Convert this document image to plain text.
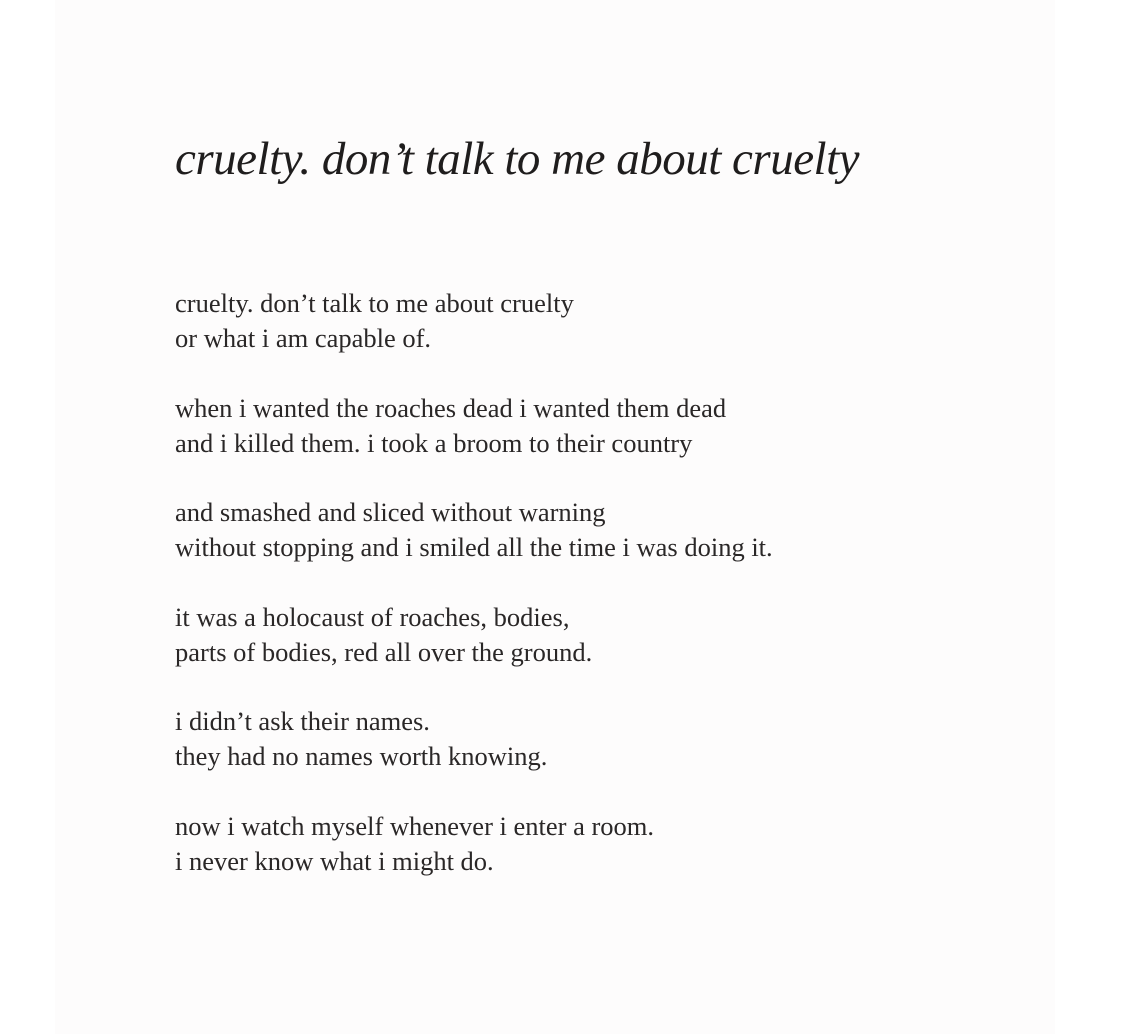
cruelty. don’t talk to me about cruelty
cruelty. don’t talk to me about cruelty
or what i am capable of.
when i wanted the roaches dead i wanted them dead
and i killed them. i took a broom to their country
and smashed and sliced without warning
without stopping and i smiled all the time i was doing it.
it was a holocaust of roaches, bodies,
parts of bodies, red all over the ground.
i didn’t ask their names.
they had no names worth knowing.
now i watch myself whenever i enter a room.
i never know what i might do.
